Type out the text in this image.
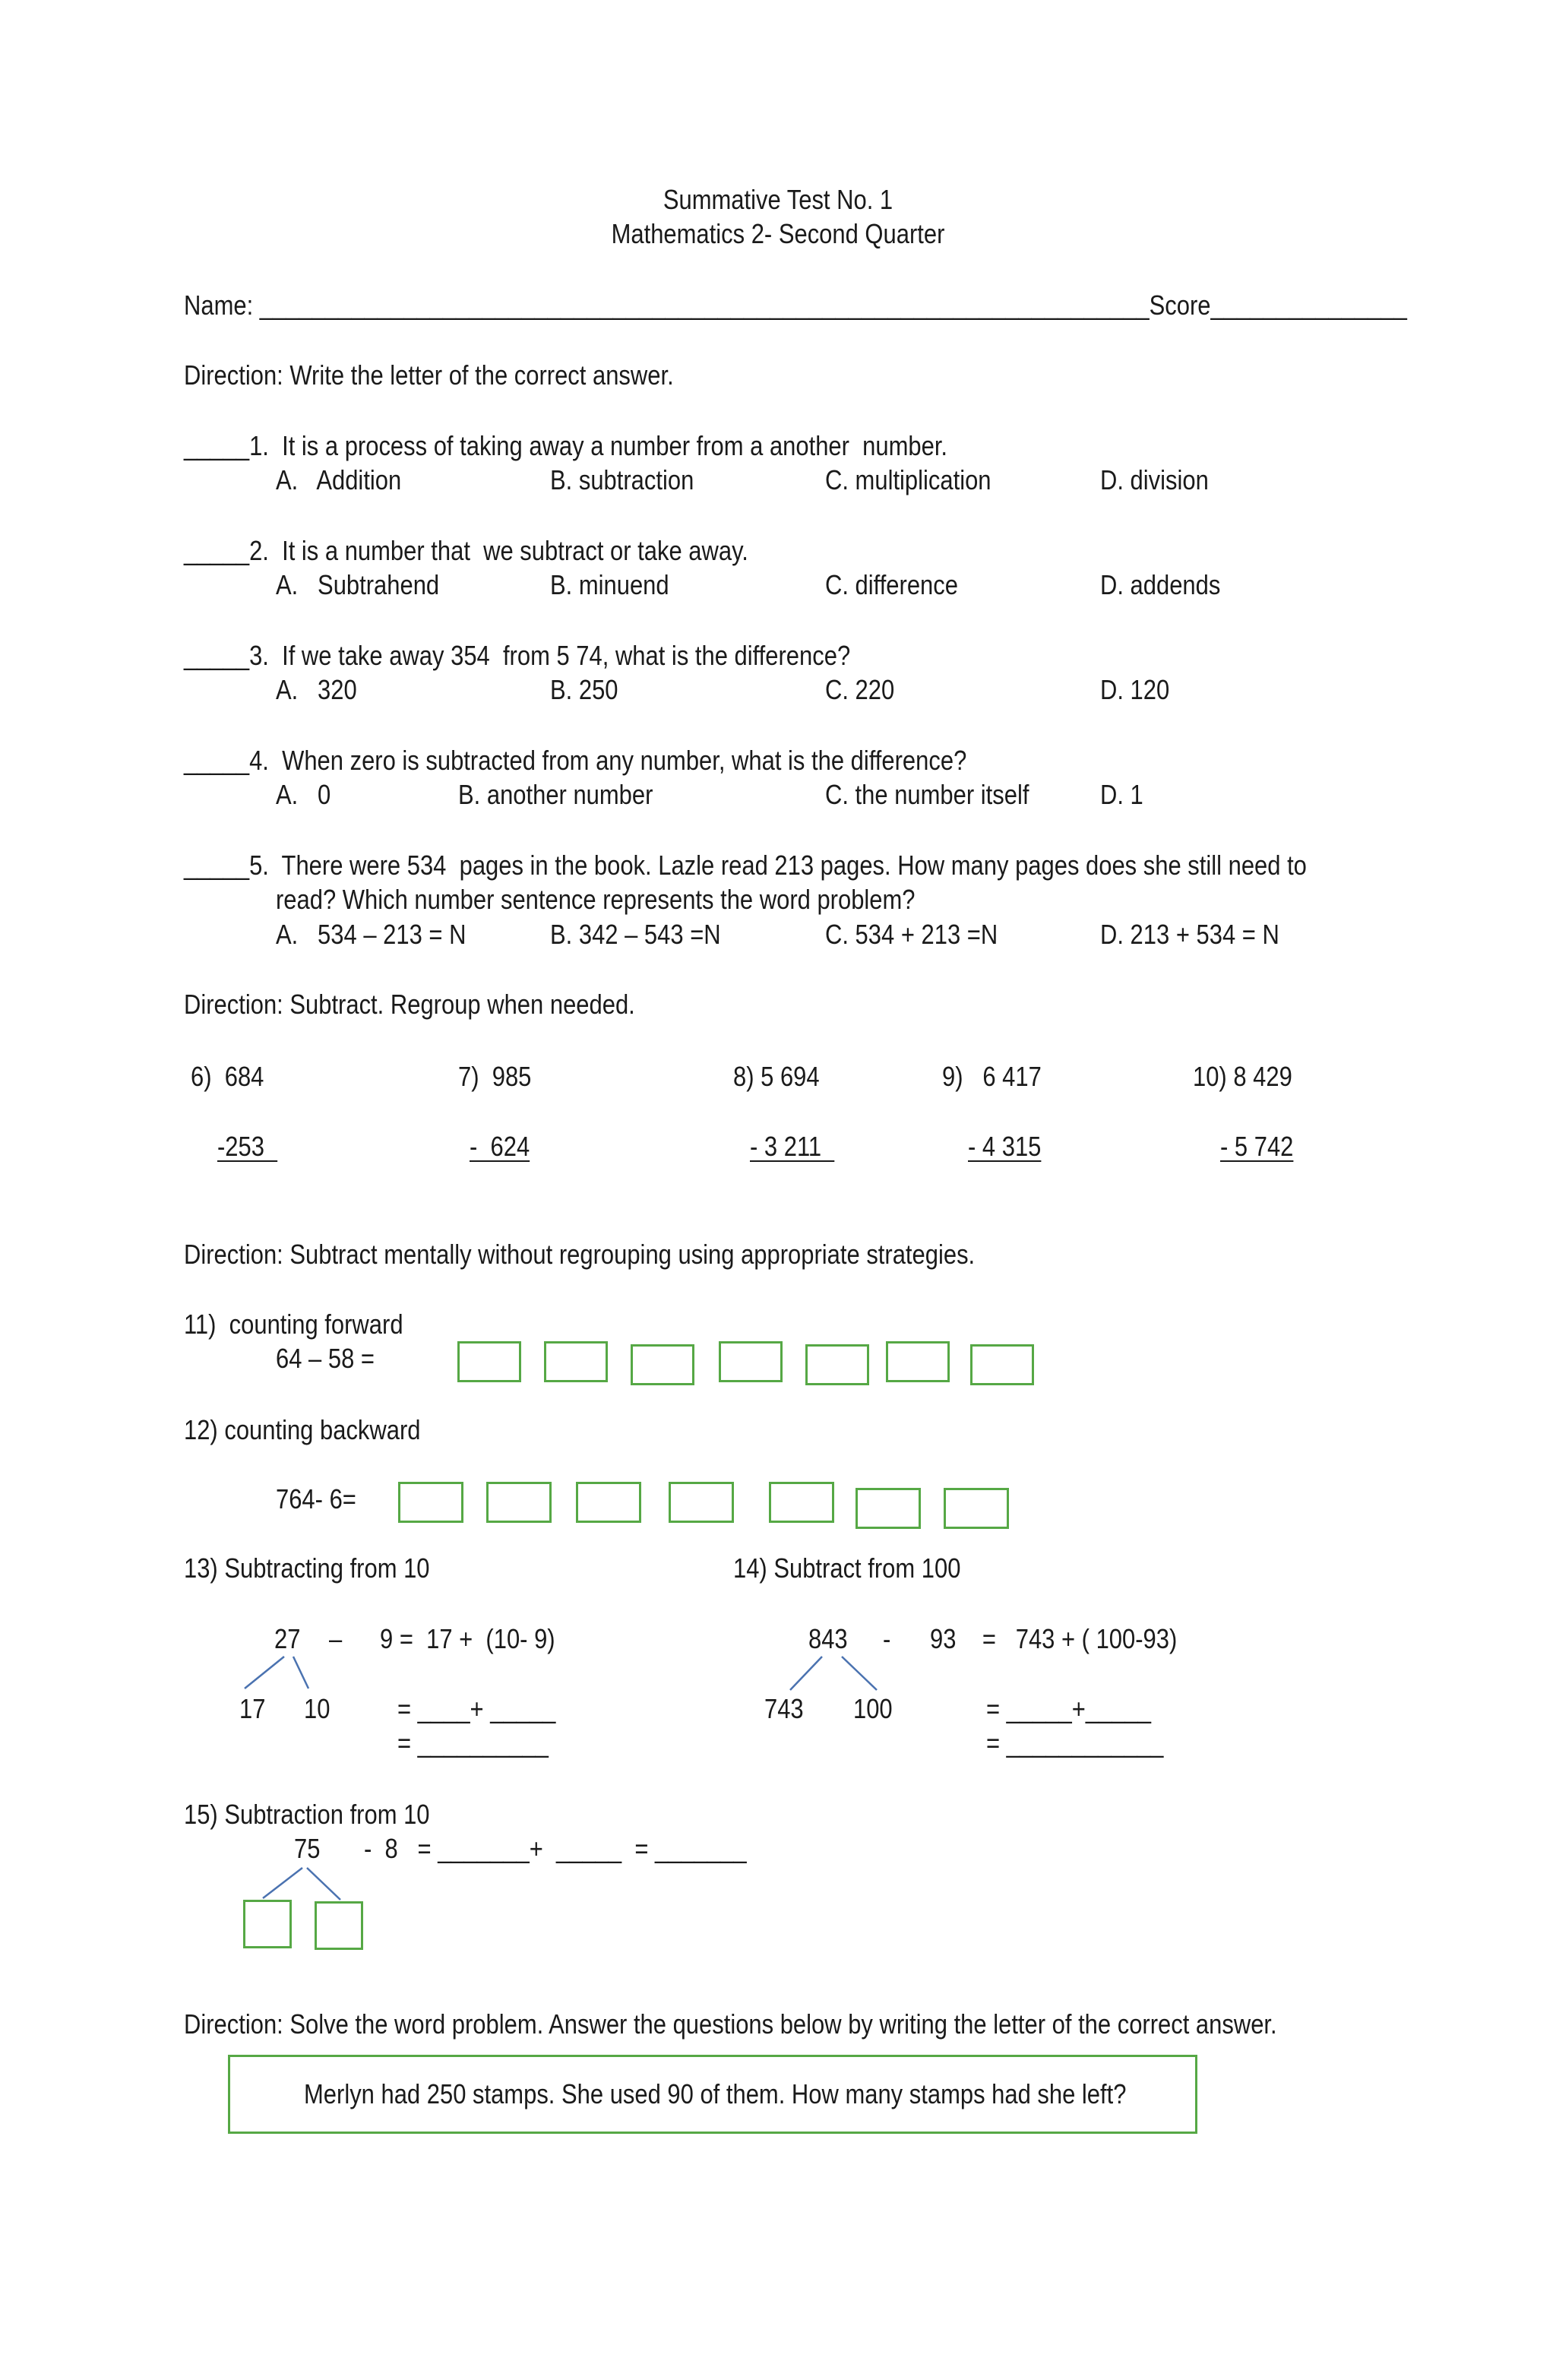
Summative Test No. 1
Mathematics 2- Second Quarter
Name: ____________________________________________________________________Score_______________
Direction: Write the letter of the correct answer.
_____1.  It is a process of taking away a number from a another  number.
A.   Addition	B. subtraction	C. multiplication	D. division
_____2.  It is a number that  we subtract or take away.
A.   Subtrahend	B. minuend	C. difference	D. addends
_____3.  If we take away 354  from 5 74, what is the difference?
A.   320	B. 250	C. 220	D. 120
_____4.  When zero is subtracted from any number, what is the difference?
A.   0	B. another number	C. the number itself	D. 1
_____5.  There were 534  pages in the book. Lazle read 213 pages. How many pages does she still need to
read? Which number sentence represents the word problem?
A.   534 – 213 = N	B. 342 – 543 =N	C. 534 + 213 =N	D. 213 + 534 = N
Direction: Subtract. Regroup when needed.
6)  684
-253
7)  985
-  624
8) 5 694
- 3 211
9)   6 417
- 4 315
10) 8 429
- 5 742
Direction: Subtract mentally without regrouping using appropriate strategies.
11)  counting forward
64 – 58 =
12) counting backward
764- 6=
13) Subtracting from 10
27 – 9 =  17 +  (10- 9)
17 10 = ____+ _____
= __________
14) Subtract from 100
843 - 93    =   743 + ( 100-93)
743 100	= _____+_____
= ____________
15) Subtraction from 10
75 -  8   = _______+  _____  = _______
Direction: Solve the word problem. Answer the questions below by writing the letter of the correct answer.
Merlyn had 250 stamps. She used 90 of them. How many stamps had she left?
